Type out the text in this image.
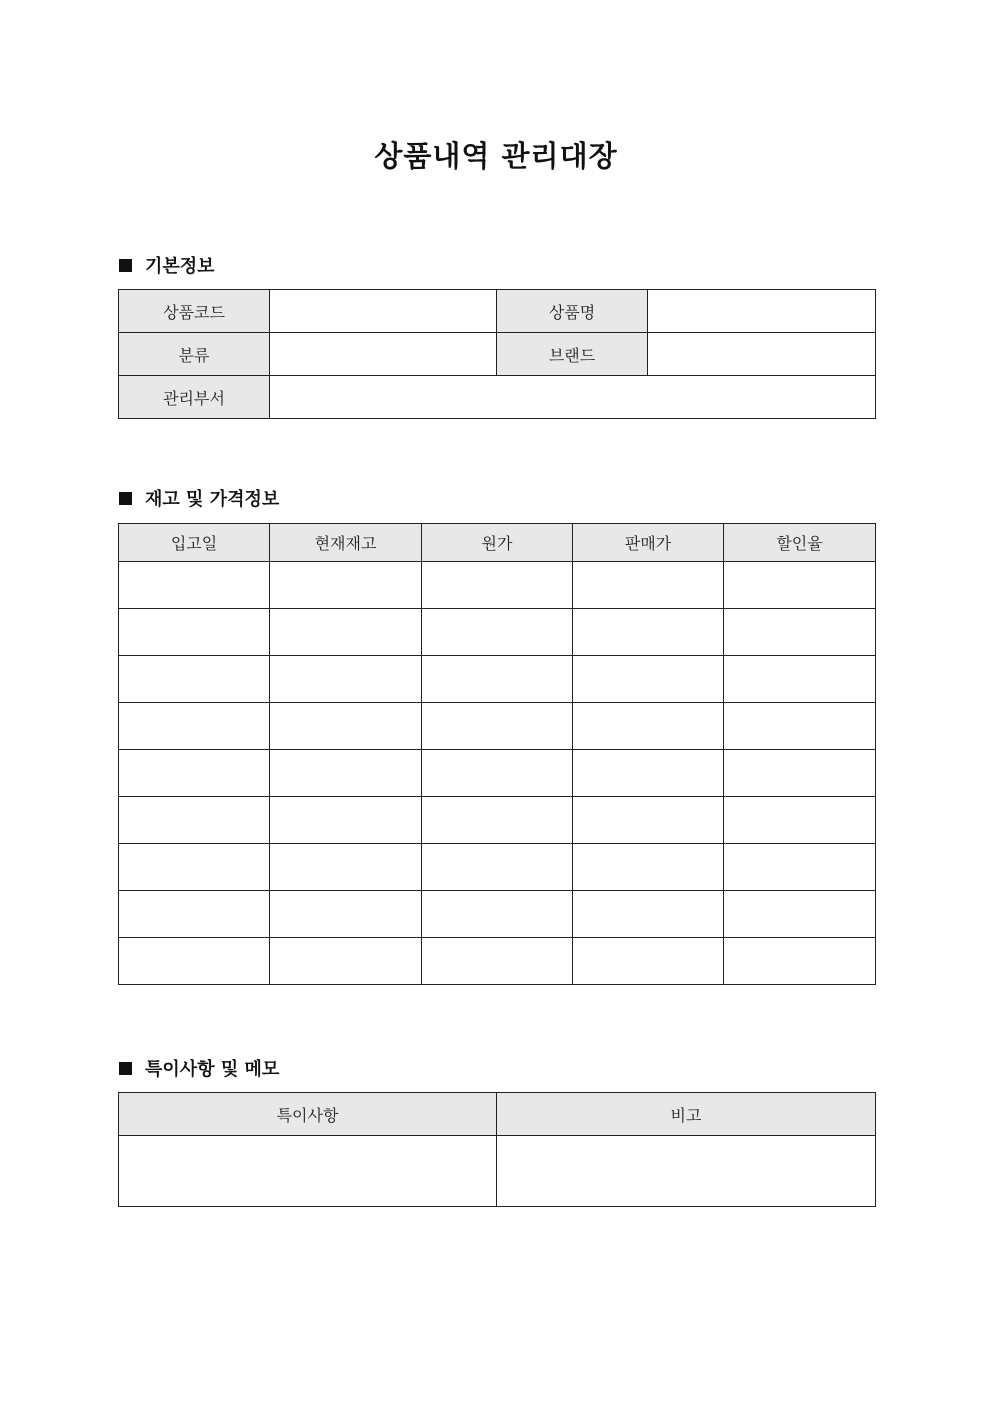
상품내역 관리대장
기본정보
상품코드		상품명	
분류		브랜드	
관리부서			
재고 및 가격정보
입고일	현재재고	원가	판매가	할인율

특이사항 및 메모
특이사항	비고
